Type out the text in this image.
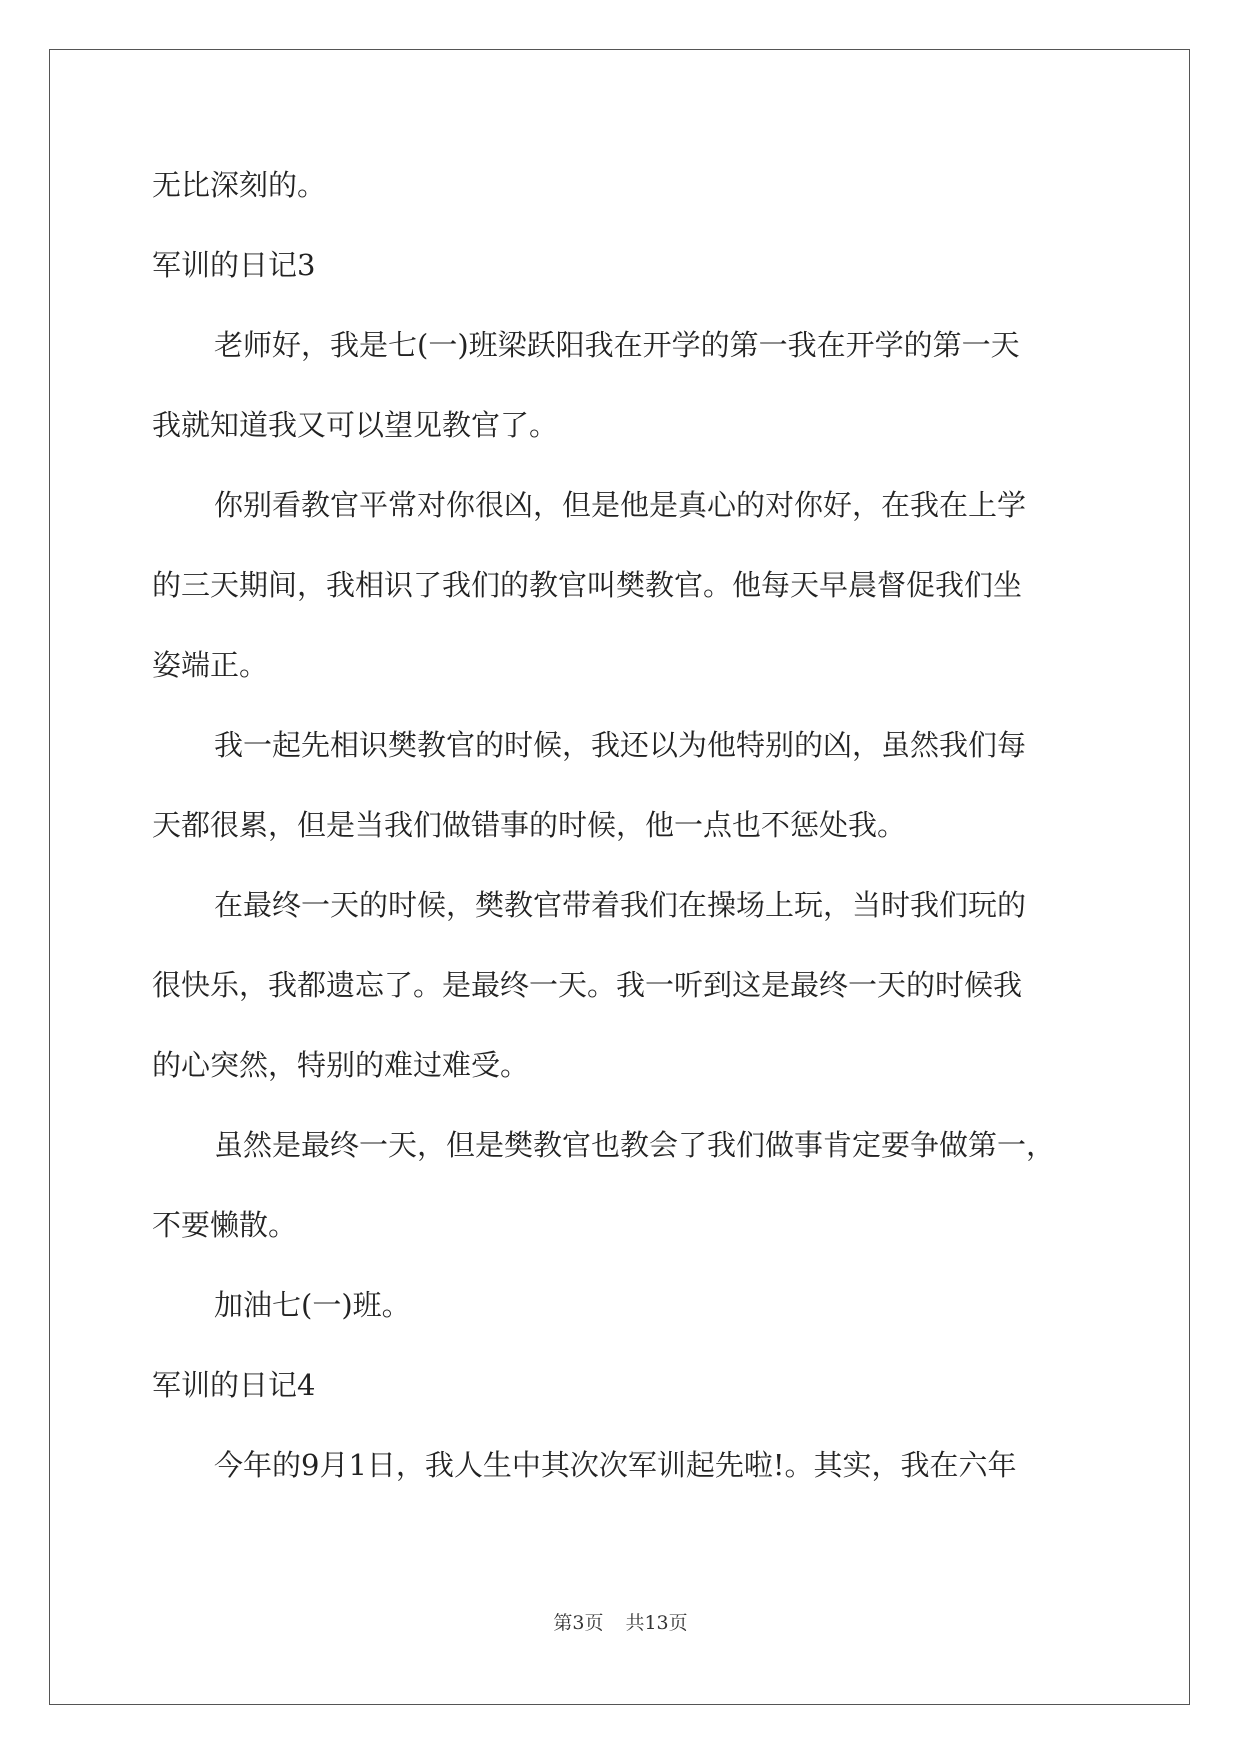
无比深刻的。
军训的日记3
老师好，我是七(一)班梁跃阳我在开学的第一我在开学的第一天
我就知道我又可以望见教官了。
你别看教官平常对你很凶，但是他是真心的对你好，在我在上学
的三天期间，我相识了我们的教官叫樊教官。他每天早晨督促我们坐
姿端正。
我一起先相识樊教官的时候，我还以为他特别的凶，虽然我们每
天都很累，但是当我们做错事的时候，他一点也不惩处我。
在最终一天的时候，樊教官带着我们在操场上玩，当时我们玩的
很快乐，我都遗忘了。是最终一天。我一听到这是最终一天的时候我
的心突然，特别的难过难受。
虽然是最终一天，但是樊教官也教会了我们做事肯定要争做第一，
不要懒散。
加油七(一)班。
军训的日记4
今年的9月1日，我人生中其次次军训起先啦!。其实，我在六年
第3页 共13页
